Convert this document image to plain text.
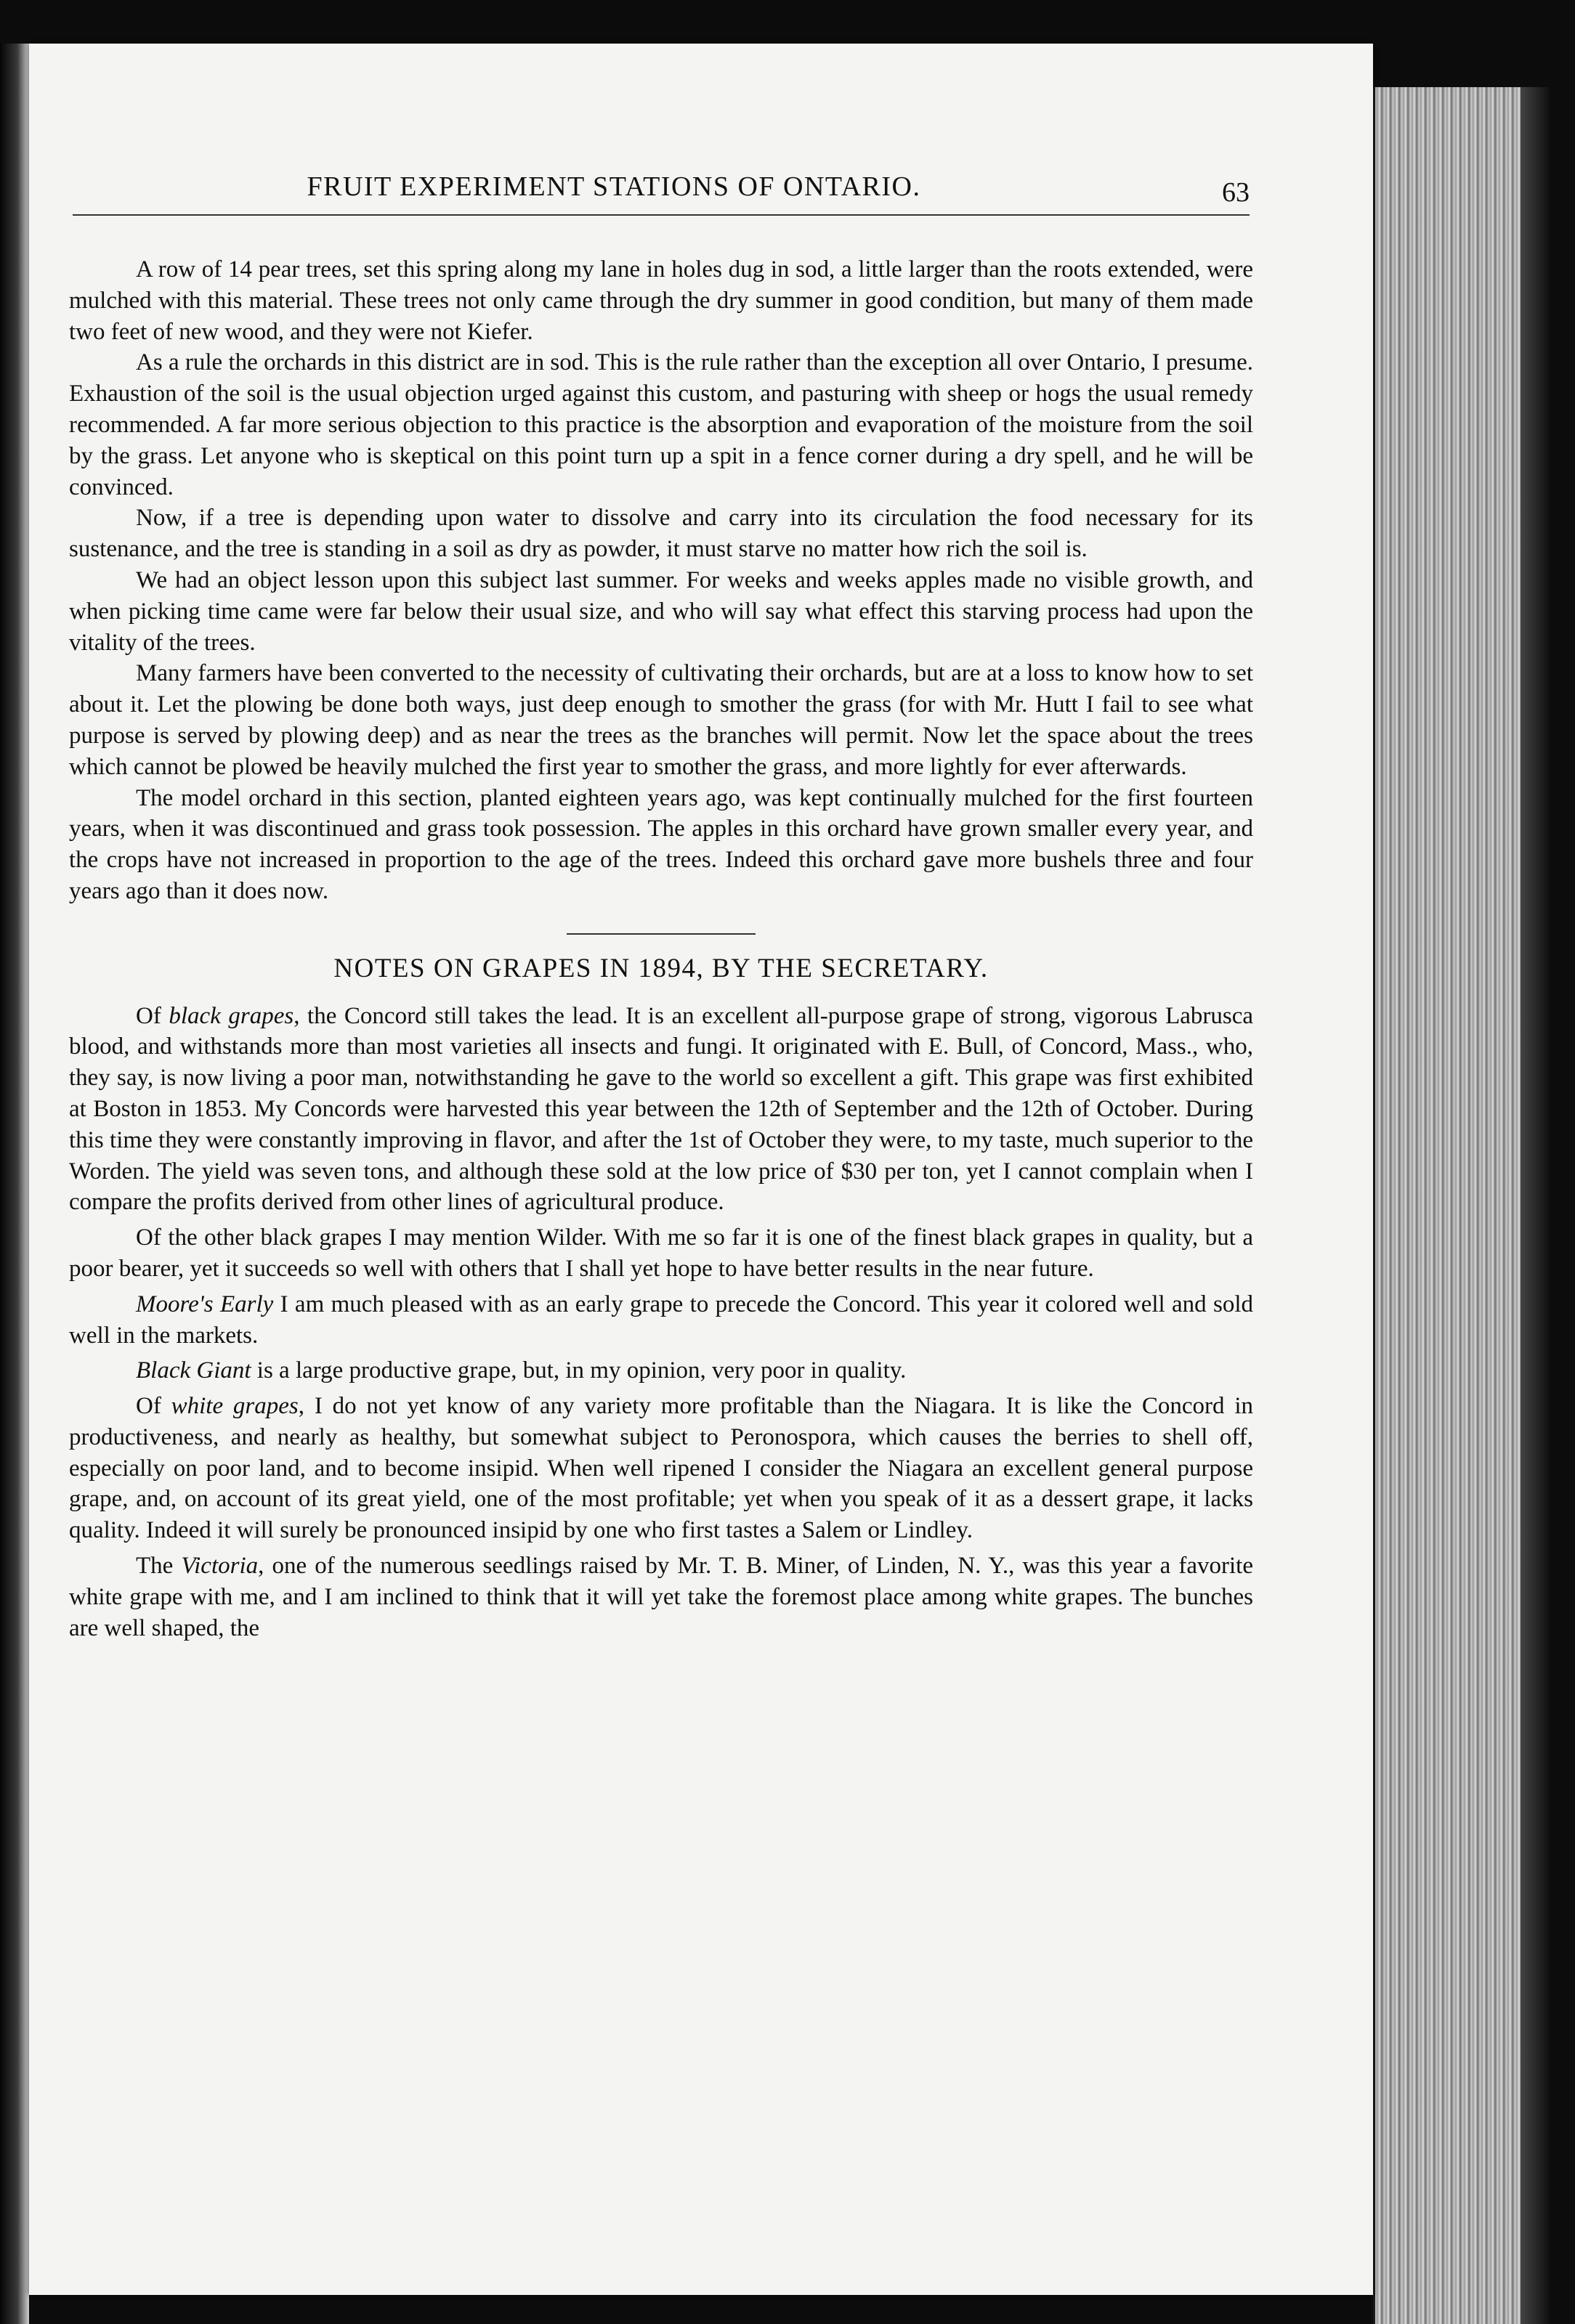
FRUIT EXPERIMENT STATIONS OF ONTARIO.	63

A row of 14 pear trees, set this spring along my lane in holes dug in sod, a little larger than the roots extended, were mulched with this material. These trees not only came through the dry summer in good condition, but many of them made two feet of new wood, and they were not Kiefer.

As a rule the orchards in this district are in sod. This is the rule rather than the exception all over Ontario, I presume. Exhaustion of the soil is the usual objection urged against this custom, and pasturing with sheep or hogs the usual remedy recommended. A far more serious objection to this practice is the absorption and evaporation of the moisture from the soil by the grass. Let anyone who is skeptical on this point turn up a spit in a fence corner during a dry spell, and he will be convinced.

Now, if a tree is depending upon water to dissolve and carry into its circulation the food necessary for its sustenance, and the tree is standing in a soil as dry as powder, it must starve no matter how rich the soil is.

We had an object lesson upon this subject last summer. For weeks and weeks apples made no visible growth, and when picking time came were far below their usual size, and who will say what effect this starving process had upon the vitality of the trees.

Many farmers have been converted to the necessity of cultivating their orchards, but are at a loss to know how to set about it. Let the plowing be done both ways, just deep enough to smother the grass (for with Mr. Hutt I fail to see what purpose is served by plowing deep) and as near the trees as the branches will permit. Now let the space about the trees which cannot be plowed be heavily mulched the first year to smother the grass, and more lightly for ever afterwards.

The model orchard in this section, planted eighteen years ago, was kept continually mulched for the first fourteen years, when it was discontinued and grass took possession. The apples in this orchard have grown smaller every year, and the crops have not increased in proportion to the age of the trees. Indeed this orchard gave more bushels three and four years ago than it does now.

NOTES ON GRAPES IN 1894, BY THE SECRETARY.

Of black grapes, the Concord still takes the lead. It is an excellent all-purpose grape of strong, vigorous Labrusca blood, and withstands more than most varieties all insects and fungi. It originated with E. Bull, of Concord, Mass., who, they say, is now living a poor man, notwithstanding he gave to the world so excellent a gift. This grape was first exhibited at Boston in 1853. My Concords were harvested this year between the 12th of September and the 12th of October. During this time they were constantly improving in flavor, and after the 1st of October they were, to my taste, much superior to the Worden. The yield was seven tons, and although these sold at the low price of $30 per ton, yet I cannot complain when I compare the profits derived from other lines of agricultural produce.

Of the other black grapes I may mention Wilder. With me so far it is one of the finest black grapes in quality, but a poor bearer, yet it succeeds so well with others that I shall yet hope to have better results in the near future.

Moore's Early I am much pleased with as an early grape to precede the Concord. This year it colored well and sold well in the markets.

Black Giant is a large productive grape, but, in my opinion, very poor in quality.

Of white grapes, I do not yet know of any variety more profitable than the Niagara. It is like the Concord in productiveness, and nearly as healthy, but somewhat subject to Peronospora, which causes the berries to shell off, especially on poor land, and to become insipid. When well ripened I consider the Niagara an excellent general purpose grape, and, on account of its great yield, one of the most profitable; yet when you speak of it as a dessert grape, it lacks quality. Indeed it will surely be pronounced insipid by one who first tastes a Salem or Lindley.

The Victoria, one of the numerous seedlings raised by Mr. T. B. Miner, of Linden, N. Y., was this year a favorite white grape with me, and I am inclined to think that it will yet take the foremost place among white grapes. The bunches are well shaped, the
